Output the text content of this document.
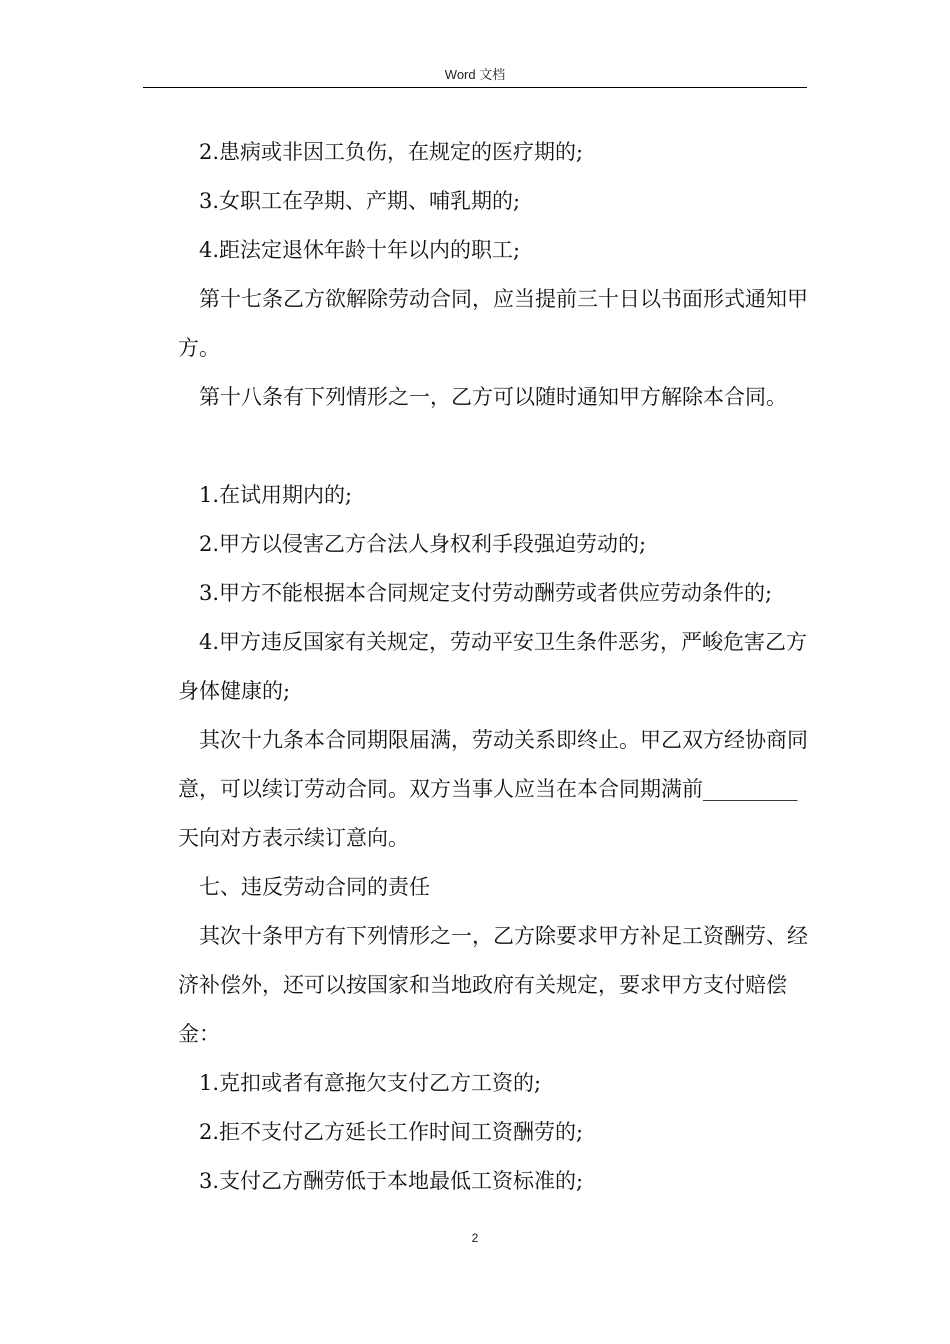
Word 文档

2.患病或非因工负伤，在规定的医疗期的;

3.女职工在孕期、产期、哺乳期的;

4.距法定退休年龄十年以内的职工;

第十七条乙方欲解除劳动合同，应当提前三十日以书面形式通知甲方。

第十八条有下列情形之一，乙方可以随时通知甲方解除本合同。

1.在试用期内的;

2.甲方以侵害乙方合法人身权利手段强迫劳动的;

3.甲方不能根据本合同规定支付劳动酬劳或者供应劳动条件的;

4.甲方违反国家有关规定，劳动平安卫生条件恶劣，严峻危害乙方身体健康的;

其次十九条本合同期限届满，劳动关系即终止。甲乙双方经协商同意，可以续订劳动合同。双方当事人应当在本合同期满前_________天向对方表示续订意向。

七、违反劳动合同的责任

其次十条甲方有下列情形之一，乙方除要求甲方补足工资酬劳、经济补偿外，还可以按国家和当地政府有关规定，要求甲方支付赔偿金：

1.克扣或者有意拖欠支付乙方工资的;

2.拒不支付乙方延长工作时间工资酬劳的;

3.支付乙方酬劳低于本地最低工资标准的;

2
